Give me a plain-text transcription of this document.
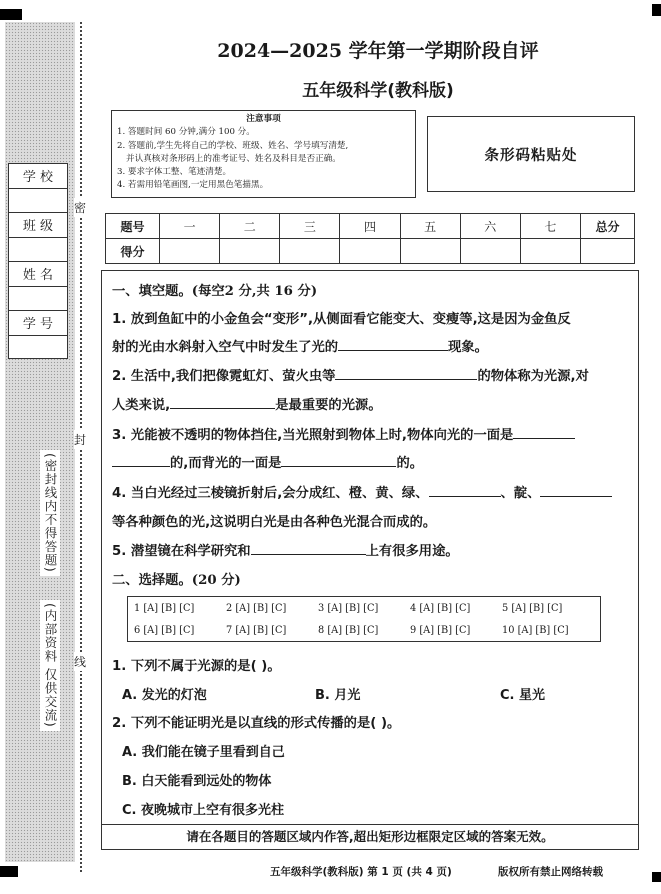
学 校
班 级
姓 名
学 号
(密封线内不得答题)
(内部资料 仅供交流)
密
封
线
2024—2025 学年第一学期阶段自评
五年级科学(教科版)
注意事项
1. 答题时间 60 分钟,满分 100 分。
2. 答题前,学生先将自己的学校、班级、姓名、学号填写清楚,
并认真核对条形码上的准考证号、姓名及科目是否正确。
3. 要求字体工整、笔迹清楚。
4. 若需用铅笔画图,一定用黑色笔描黑。
条形码粘贴处
题号	一	二	三	四	五	六	七	总分
得分								
请在各题目的答题区域内作答,超出矩形边框限定区域的答案无效。
一、填空题。(每空2 分,共 16 分)
1. 放到鱼缸中的小金鱼会“变形”,从侧面看它能变大、变瘦等,这是因为金鱼反
射的光由水斜射入空气中时发生了光的	现象。
2. 生活中,我们把像霓虹灯、萤火虫等	的物体称为光源,对
人类来说,	是最重要的光源。
3. 光能被不透明的物体挡住,当光照射到物体上时,物体向光的一面是
的,而背光的一面是	的。
4. 当白光经过三棱镜折射后,会分成红、橙、黄、绿、	、靛、
等各种颜色的光,这说明白光是由各种色光混合而成的。
5. 潜望镜在科学研究和	上有很多用途。
二、选择题。(20 分)
1 [A] [B] [C]	2 [A] [B] [C]	3 [A] [B] [C]	4 [A] [B] [C]	5 [A] [B] [C]
6 [A] [B] [C]	7 [A] [B] [C]	8 [A] [B] [C]	9 [A] [B] [C]	10 [A] [B] [C]
1. 下列不属于光源的是( )。
A. 发光的灯泡	B. 月光	C. 星光
2. 下列不能证明光是以直线的形式传播的是( )。
A. 我们能在镜子里看到自己
B. 白天能看到远处的物体
C. 夜晚城市上空有很多光柱
五年级科学(教科版) 第 1 页 (共 4 页)	版权所有禁止网络转载
